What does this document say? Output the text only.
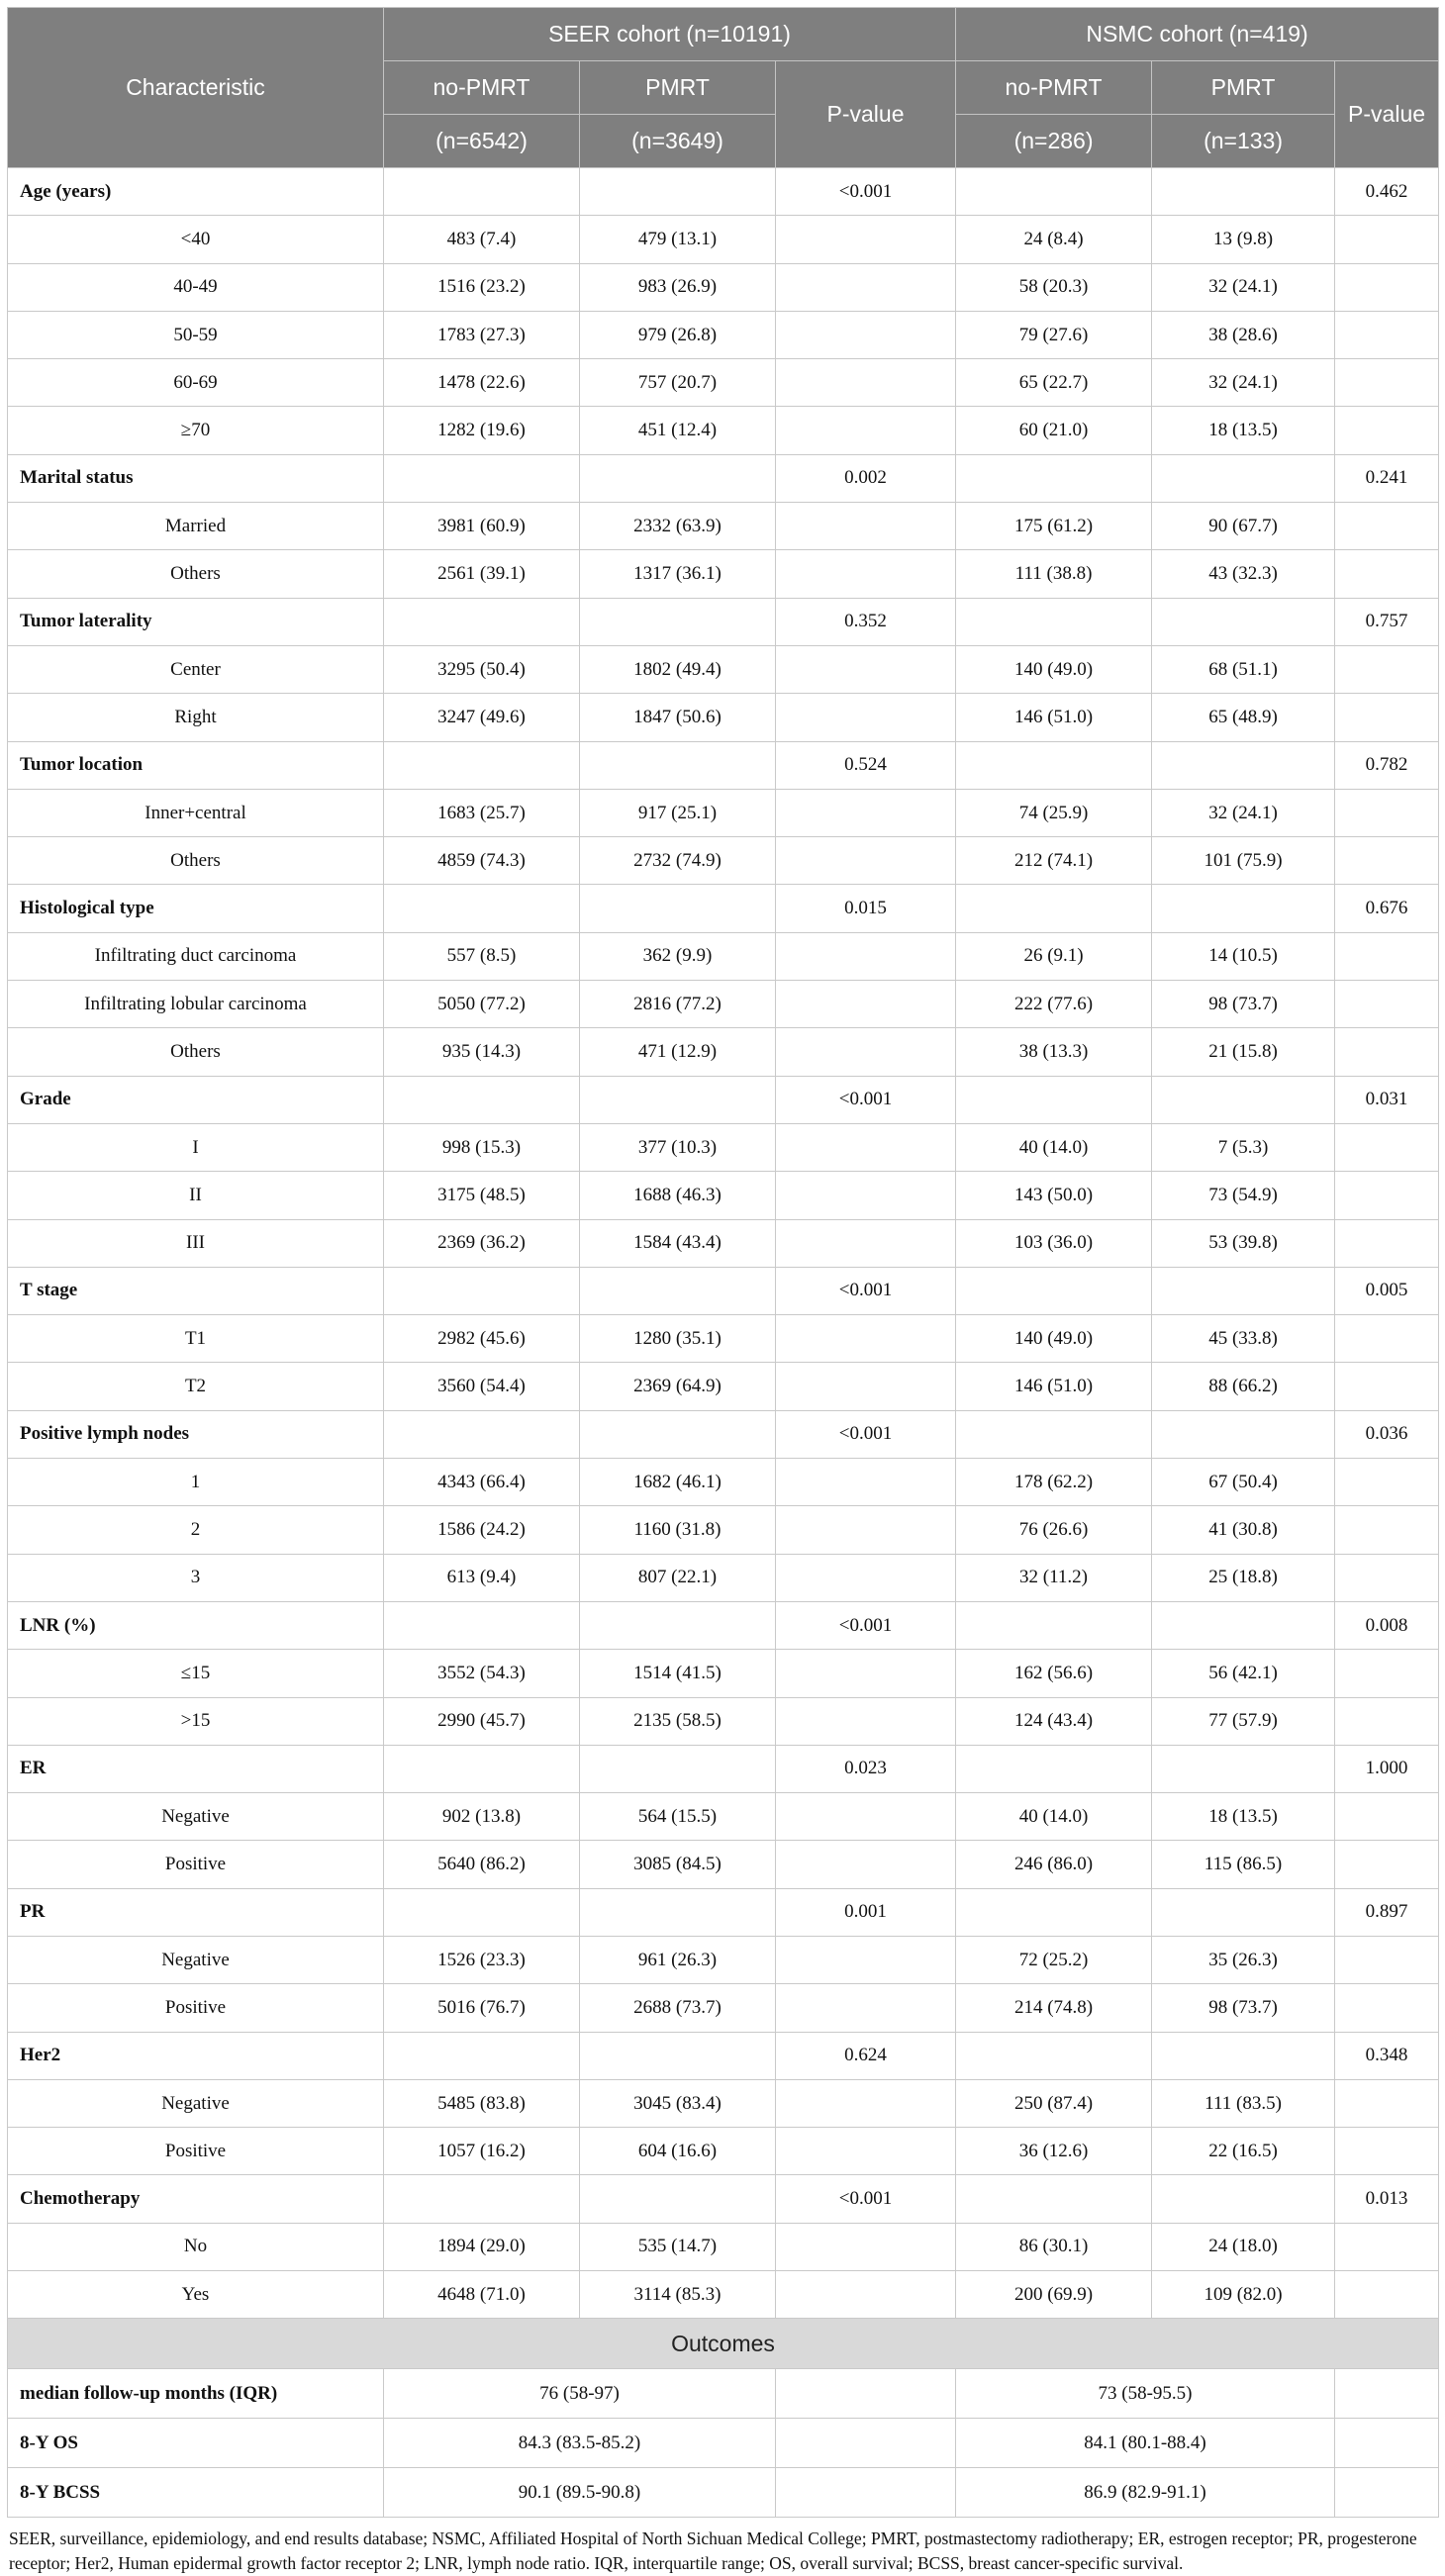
Characteristic	SEER cohort (n=10191)			NSMC cohort (n=419)		
	no-PMRT	PMRT	P-value	no-PMRT	PMRT	P-value
	(n=6542)	(n=3649)		(n=286)	(n=133)	
Age (years)			<0.001			0.462
<40	483 (7.4)	479 (13.1)		24 (8.4)	13 (9.8)	
40-49	1516 (23.2)	983 (26.9)		58 (20.3)	32 (24.1)	
50-59	1783 (27.3)	979 (26.8)		79 (27.6)	38 (28.6)	
60-69	1478 (22.6)	757 (20.7)		65 (22.7)	32 (24.1)	
≥70	1282 (19.6)	451 (12.4)		60 (21.0)	18 (13.5)	
Marital status			0.002			0.241
Married	3981 (60.9)	2332 (63.9)		175 (61.2)	90 (67.7)	
Others	2561 (39.1)	1317 (36.1)		111 (38.8)	43 (32.3)	
Tumor laterality			0.352			0.757
Center	3295 (50.4)	1802 (49.4)		140 (49.0)	68 (51.1)	
Right	3247 (49.6)	1847 (50.6)		146 (51.0)	65 (48.9)	
Tumor location			0.524			0.782
Inner+central	1683 (25.7)	917 (25.1)		74 (25.9)	32 (24.1)	
Others	4859 (74.3)	2732 (74.9)		212 (74.1)	101 (75.9)	
Histological type			0.015			0.676
Infiltrating duct carcinoma	557 (8.5)	362 (9.9)		26 (9.1)	14 (10.5)	
Infiltrating lobular carcinoma	5050 (77.2)	2816 (77.2)		222 (77.6)	98 (73.7)	
Others	935 (14.3)	471 (12.9)		38 (13.3)	21 (15.8)	
Grade			<0.001			0.031
I	998 (15.3)	377 (10.3)		40 (14.0)	7 (5.3)	
II	3175 (48.5)	1688 (46.3)		143 (50.0)	73 (54.9)	
III	2369 (36.2)	1584 (43.4)		103 (36.0)	53 (39.8)	
T stage			<0.001			0.005
T1	2982 (45.6)	1280 (35.1)		140 (49.0)	45 (33.8)	
T2	3560 (54.4)	2369 (64.9)		146 (51.0)	88 (66.2)	
Positive lymph nodes			<0.001			0.036
1	4343 (66.4)	1682 (46.1)		178 (62.2)	67 (50.4)	
2	1586 (24.2)	1160 (31.8)		76 (26.6)	41 (30.8)	
3	613 (9.4)	807 (22.1)		32 (11.2)	25 (18.8)	
LNR (%)			<0.001			0.008
≤15	3552 (54.3)	1514 (41.5)		162 (56.6)	56 (42.1)	
>15	2990 (45.7)	2135 (58.5)		124 (43.4)	77 (57.9)	
ER			0.023			1.000
Negative	902 (13.8)	564 (15.5)		40 (14.0)	18 (13.5)	
Positive	5640 (86.2)	3085 (84.5)		246 (86.0)	115 (86.5)	
PR			0.001			0.897
Negative	1526 (23.3)	961 (26.3)		72 (25.2)	35 (26.3)	
Positive	5016 (76.7)	2688 (73.7)		214 (74.8)	98 (73.7)	
Her2			0.624			0.348
Negative	5485 (83.8)	3045 (83.4)		250 (87.4)	111 (83.5)	
Positive	1057 (16.2)	604 (16.6)		36 (12.6)	22 (16.5)	
Chemotherapy			<0.001			0.013
No	1894 (29.0)	535 (14.7)		86 (30.1)	24 (18.0)	
Yes	4648 (71.0)	3114 (85.3)		200 (69.9)	109 (82.0)	
Outcomes						
median follow-up months (IQR)	76 (58-97)			73 (58-95.5)		
8-Y OS	84.3 (83.5-85.2)			84.1 (80.1-88.4)		
8-Y BCSS	90.1 (89.5-90.8)			86.9 (82.9-91.1)		
SEER, surveillance, epidemiology, and end results database; NSMC, Affiliated Hospital of North Sichuan Medical College; PMRT, postmastectomy radiotherapy; ER, estrogen receptor; PR, progesterone receptor; Her2, Human epidermal growth factor receptor 2; LNR, lymph node ratio. IQR, interquartile range; OS, overall survival; BCSS, breast cancer-specific survival.
